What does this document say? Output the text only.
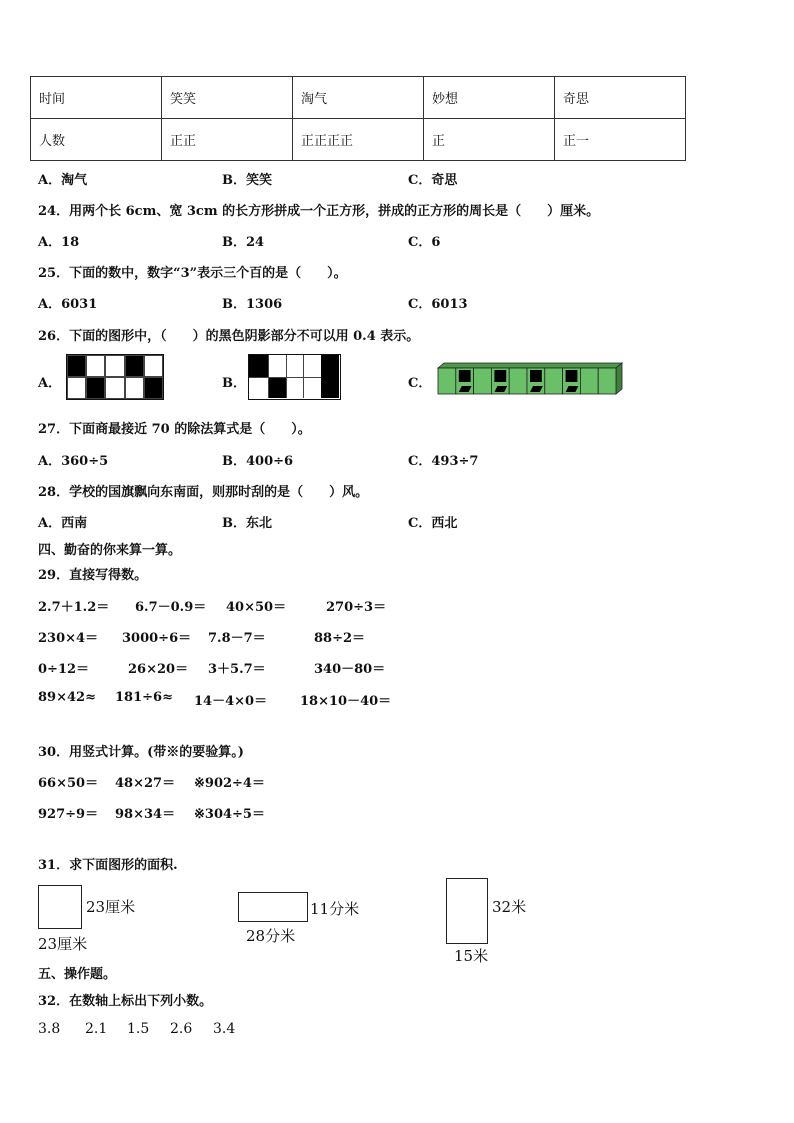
时间	笑笑	淘气	妙想	奇思
人数	正正	正正正正	正	正一
A．淘气	B．笑笑	C．奇思
24．用两个长 6cm、宽 3cm 的长方形拼成一个正方形，拼成的正方形的周长是（　　）厘米。
A．18	B．24	C．6
25．下面的数中，数字“3”表示三个百的是（　　）。
A．6031	B．1306	C．6013
26．下面的图形中，（　　）的黑色阴影部分不可以用 0.4 表示。
A．	B．	C．
27．下面商最接近 70 的除法算式是（　　）。
A．360÷5	B．400÷6	C．493÷7
28．学校的国旗飘向东南面，则那时刮的是（　　）风。
A．西南	B．东北	C．西北
四、勤奋的你来算一算。
29．直接写得数。
2.7＋1.2＝ 6.7－0.9＝ 40×50＝	270÷3＝
230×4＝ 3000÷6＝ 7.8－7＝	88÷2＝
0÷12＝	26×20＝ 3＋5.7＝	340－80＝
89×42≈ 181÷6≈ 14－4×0＝	18×10－40＝
30．用竖式计算。(带※的要验算。)
66×50＝ 48×27＝ ※902÷4＝
927÷9＝ 98×34＝ ※304÷5＝
31．求下面图形的面积.
23厘米
23厘米
11分米
28分米
32米
15米
五、操作题。
32．在数轴上标出下列小数。
3.8 2.1 1.5 2.6 3.4
